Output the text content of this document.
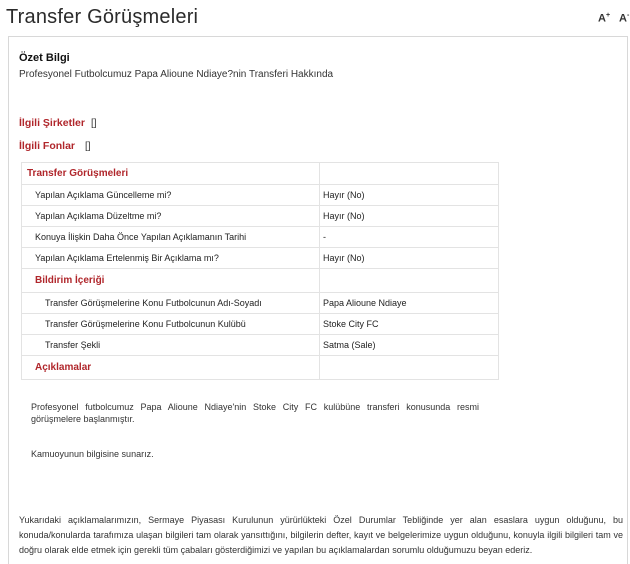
Transfer Görüşmeleri	A+ A-
Özet Bilgi
Profesyonel Futbolcumuz Papa Alioune Ndiaye?nin Transferi Hakkında
İlgili Şirketler []
İlgili Fonlar []
Transfer Görüşmeleri	
Yapılan Açıklama Güncelleme mi?	Hayır (No)
Yapılan Açıklama Düzeltme mi?	Hayır (No)
Konuya İlişkin Daha Önce Yapılan Açıklamanın Tarihi	-
Yapılan Açıklama Ertelenmiş Bir Açıklama mı?	Hayır (No)
Bildirim İçeriği	
Transfer Görüşmelerine Konu Futbolcunun Adı-Soyadı	Papa Alioune Ndiaye
Transfer Görüşmelerine Konu Futbolcunun Kulübü	Stoke City FC
Transfer Şekli	Satma (Sale)
Açıklamalar	
Profesyonel futbolcumuz Papa Alioune Ndiaye'nin Stoke City FC kulübüne transferi konusunda resmi görüşmelere başlanmıştır.
Kamuoyunun bilgisine sunarız.
Yukarıdaki açıklamalarımızın, Sermaye Piyasası Kurulunun yürürlükteki Özel Durumlar Tebliğinde yer alan esaslara uygun olduğunu, bu konuda/konularda tarafımıza ulaşan bilgileri tam olarak yansıttığını, bilgilerin defter, kayıt ve belgelerimize uygun olduğunu, konuyla ilgili bilgileri tam ve doğru olarak elde etmek için gerekli tüm çabaları gösterdiğimizi ve yapılan bu açıklamalardan sorumlu olduğumuzu beyan ederiz.
